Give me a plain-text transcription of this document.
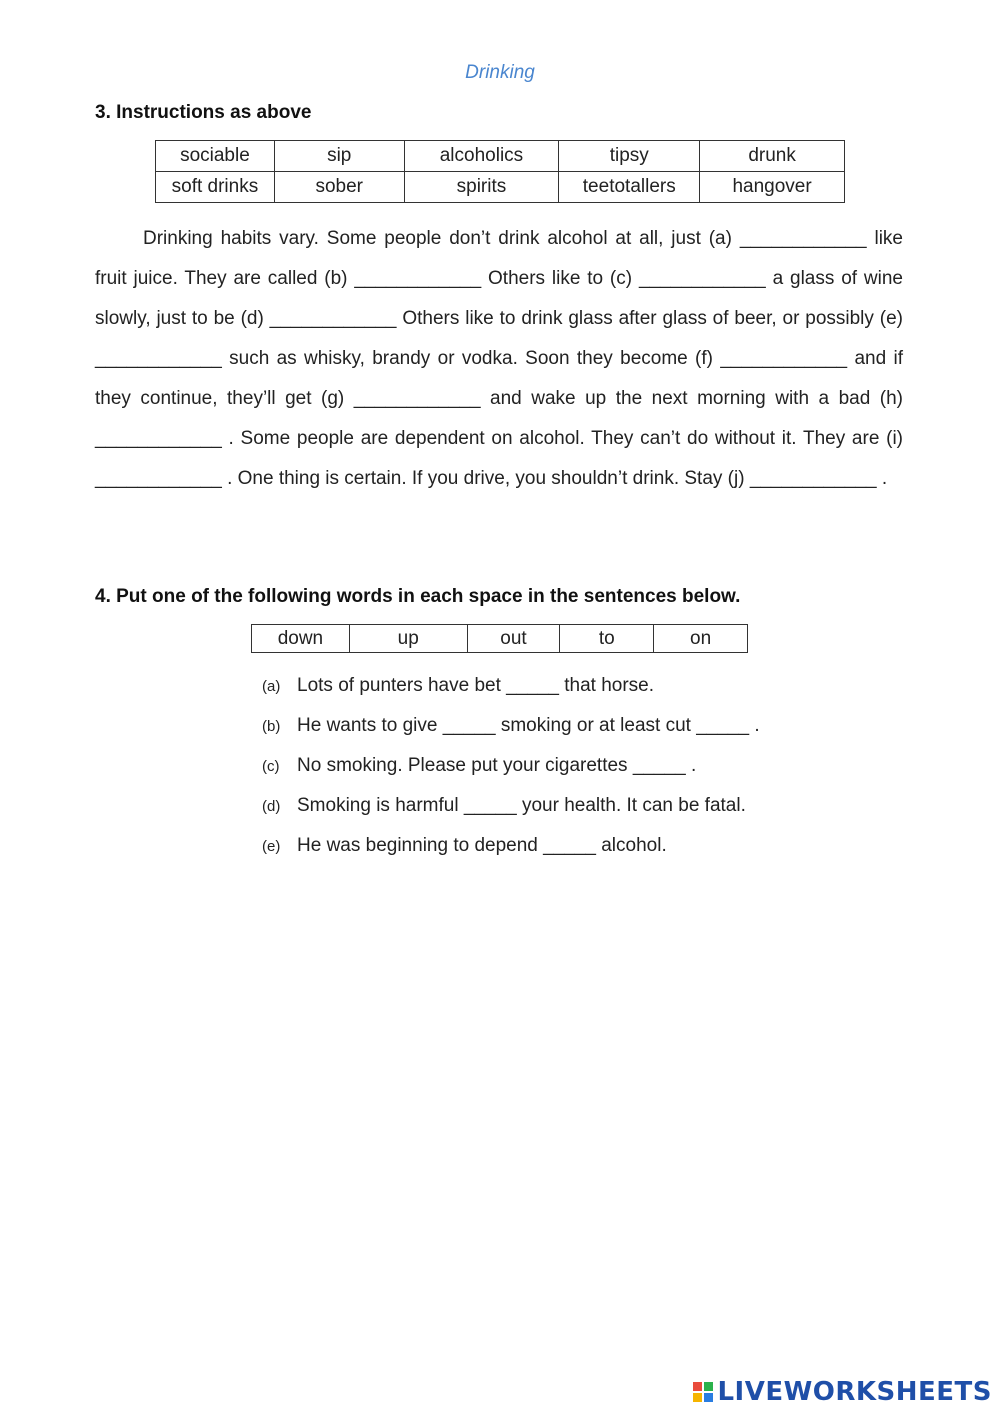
Drinking
3. Instructions as above
sociable	sip	alcoholics	tipsy	drunk
soft drinks	sober	spirits	teetotallers	hangover
Drinking habits vary. Some people don’t drink alcohol at all, just (a) ____________ like fruit juice. They are called (b) ____________ Others like to (c) ____________ a glass of wine slowly, just to be (d) ____________ Others like to drink glass after glass of beer, or possibly (e) ____________ such as whisky, brandy or vodka. Soon they become (f) ____________ and if they continue, they’ll get (g) ____________ and wake up the next morning with a bad (h) ____________ . Some people are dependent on alcohol. They can’t do without it. They are (i) ____________ . One thing is certain. If you drive, you shouldn’t drink. Stay (j) ____________ .
4. Put one of the following words in each space in the sentences below.
down	up	out	to	on
(a) Lots of punters have bet _____ that horse.
(b) He wants to give _____ smoking or at least cut _____ .
(c) No smoking. Please put your cigarettes _____ .
(d) Smoking is harmful _____ your health. It can be fatal.
(e) He was beginning to depend _____ alcohol.
LIVEWORKSHEETS
